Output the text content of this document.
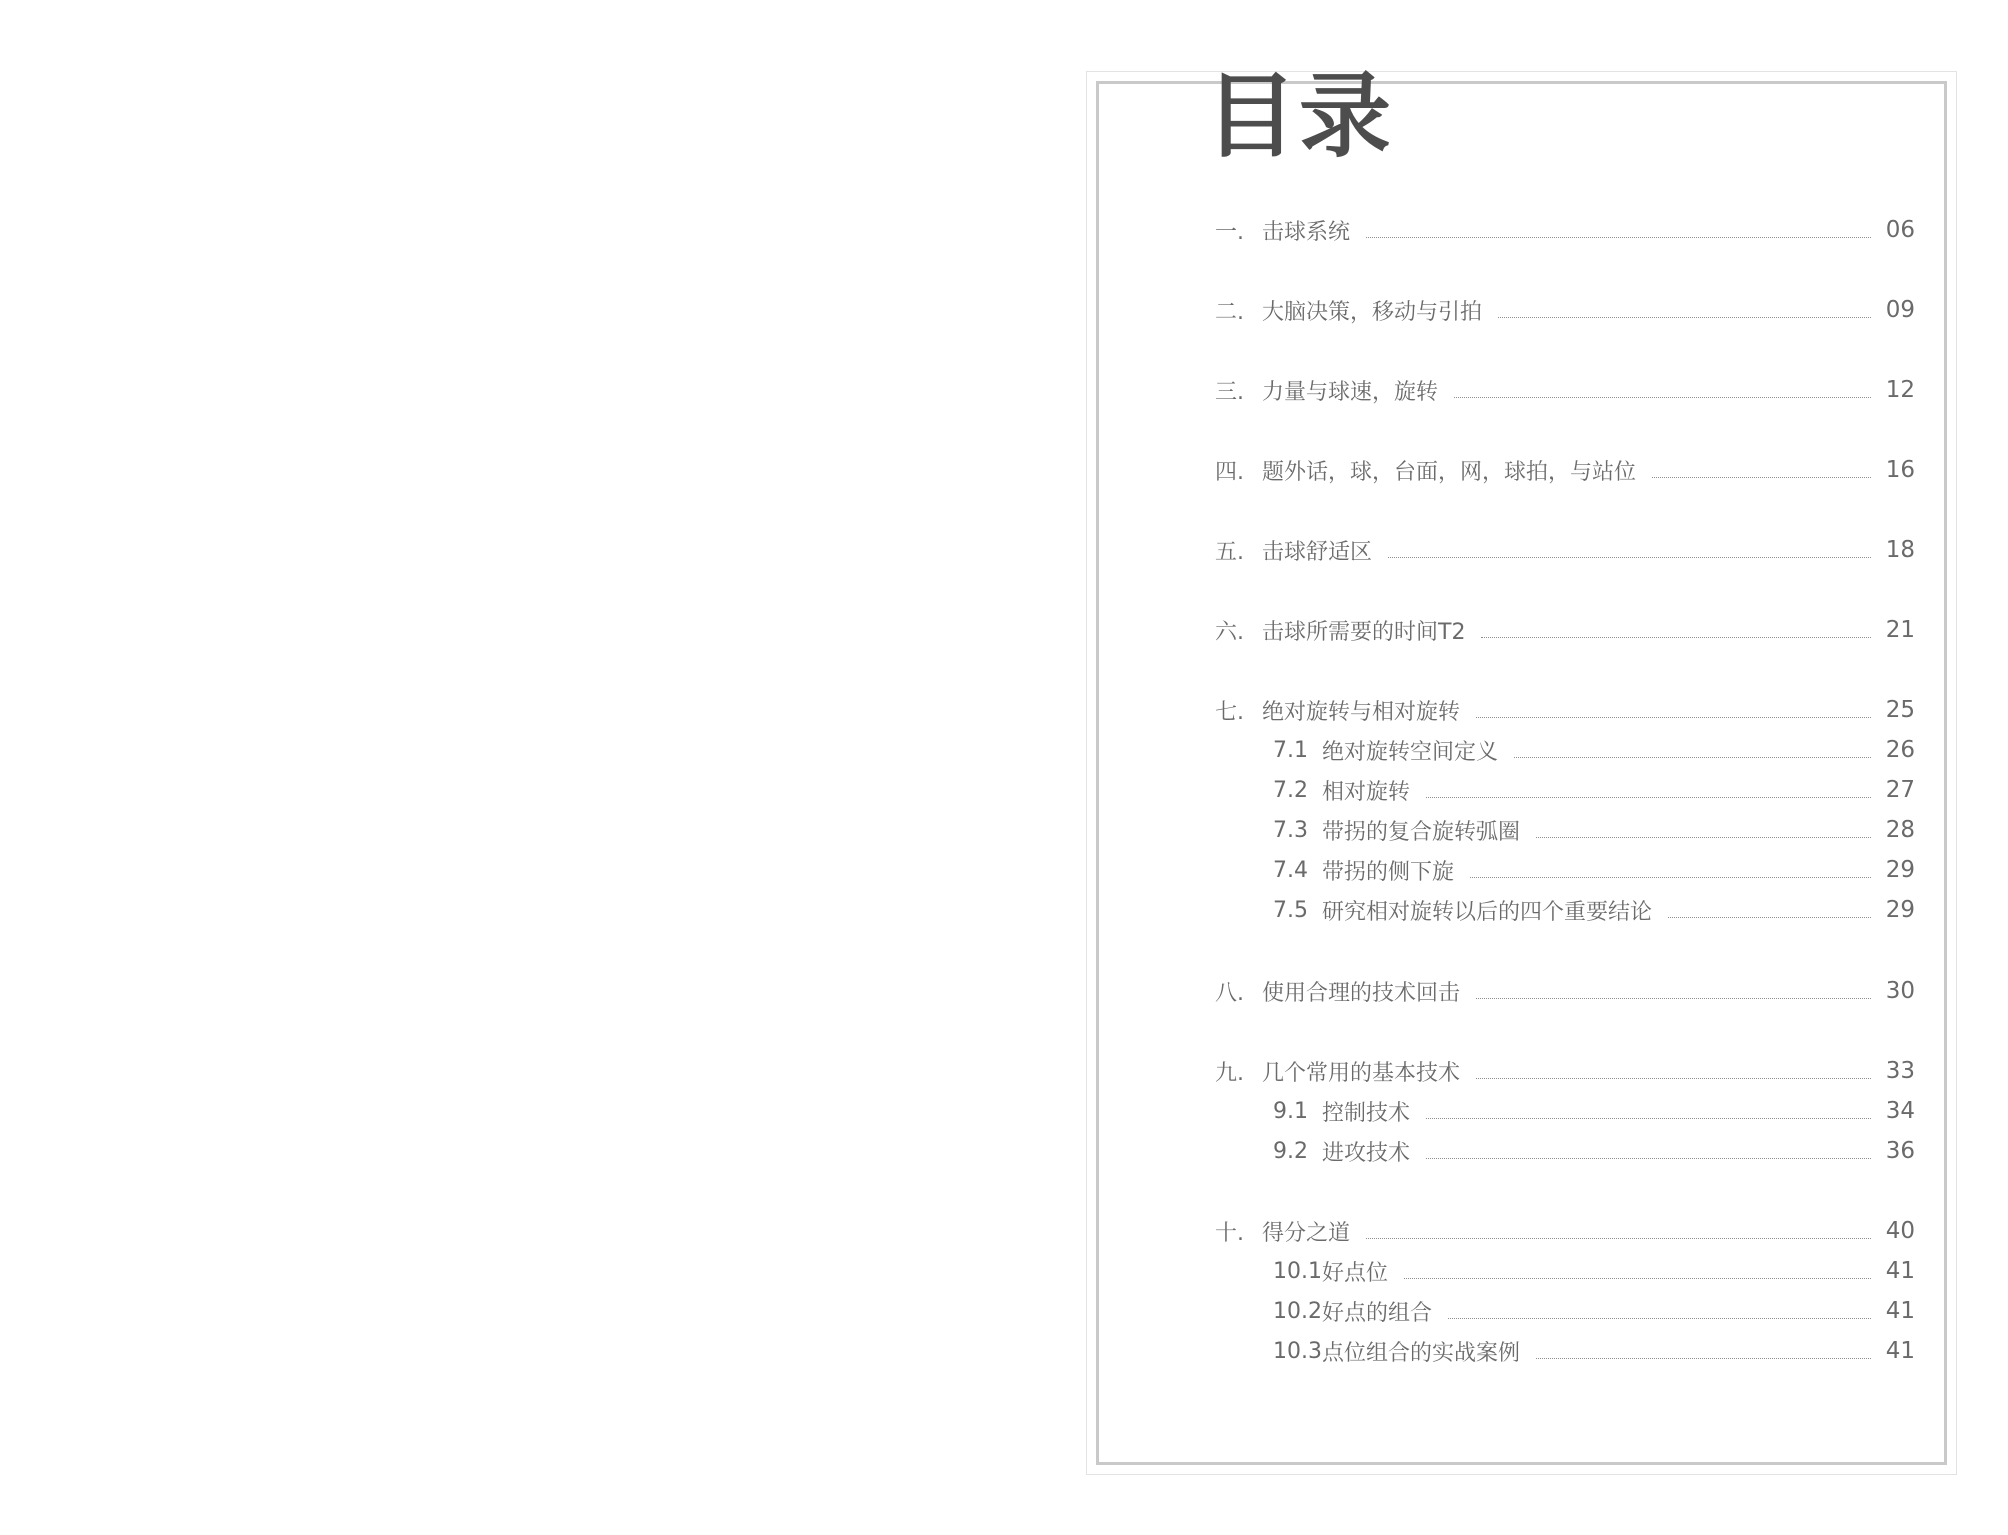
目录
一. 击球系统	06
二. 大脑决策，移动与引拍	09
三. 力量与球速，旋转	12
四. 题外话，球，台面，网，球拍，与站位	16
五. 击球舒适区	18
六. 击球所需要的时间T2	21
七. 绝对旋转与相对旋转	25
7.1 绝对旋转空间定义	26
7.2 相对旋转	27
7.3 带拐的复合旋转弧圈	28
7.4 带拐的侧下旋	29
7.5 研究相对旋转以后的四个重要结论	29
八. 使用合理的技术回击	30
九. 几个常用的基本技术	33
9.1 控制技术	34
9.2 进攻技术	36
十. 得分之道	40
10.1 好点位	41
10.2 好点的组合	41
10.3 点位组合的实战案例	41
